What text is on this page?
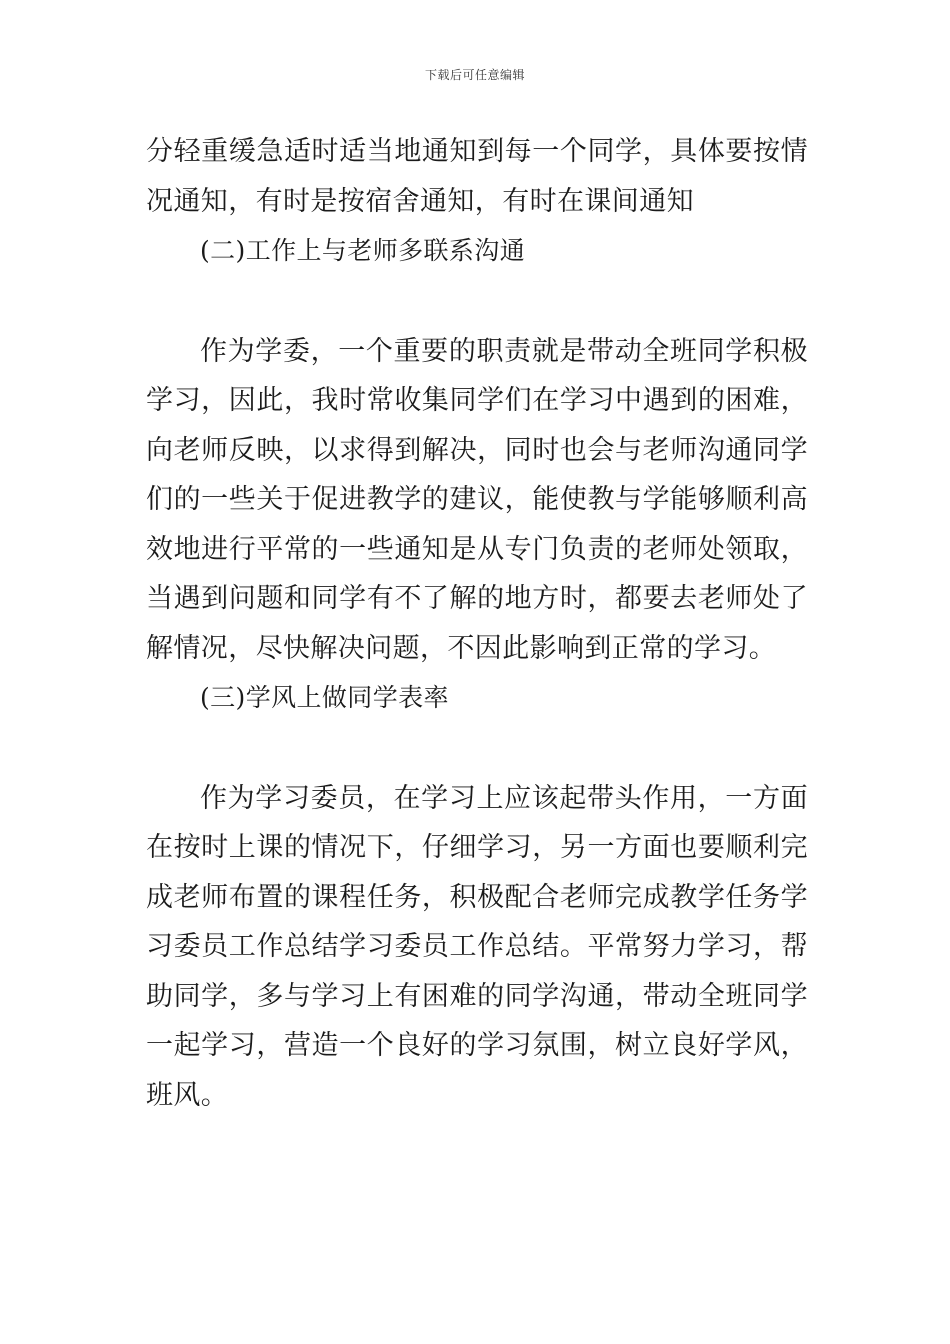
下载后可任意编辑

分轻重缓急适时适当地通知到每一个同学，具体要按情况通知，有时是按宿舍通知，有时在课间通知

(二)工作上与老师多联系沟通

作为学委，一个重要的职责就是带动全班同学积极学习，因此，我时常收集同学们在学习中遇到的困难，向老师反映，以求得到解决，同时也会与老师沟通同学们的一些关于促进教学的建议，能使教与学能够顺利高效地进行平常的一些通知是从专门负责的老师处领取，当遇到问题和同学有不了解的地方时，都要去老师处了解情况，尽快解决问题，不因此影响到正常的学习。

(三)学风上做同学表率

作为学习委员，在学习上应该起带头作用，一方面在按时上课的情况下，仔细学习，另一方面也要顺利完成老师布置的课程任务，积极配合老师完成教学任务学习委员工作总结学习委员工作总结。平常努力学习，帮助同学，多与学习上有困难的同学沟通，带动全班同学一起学习，营造一个良好的学习氛围，树立良好学风，班风。
